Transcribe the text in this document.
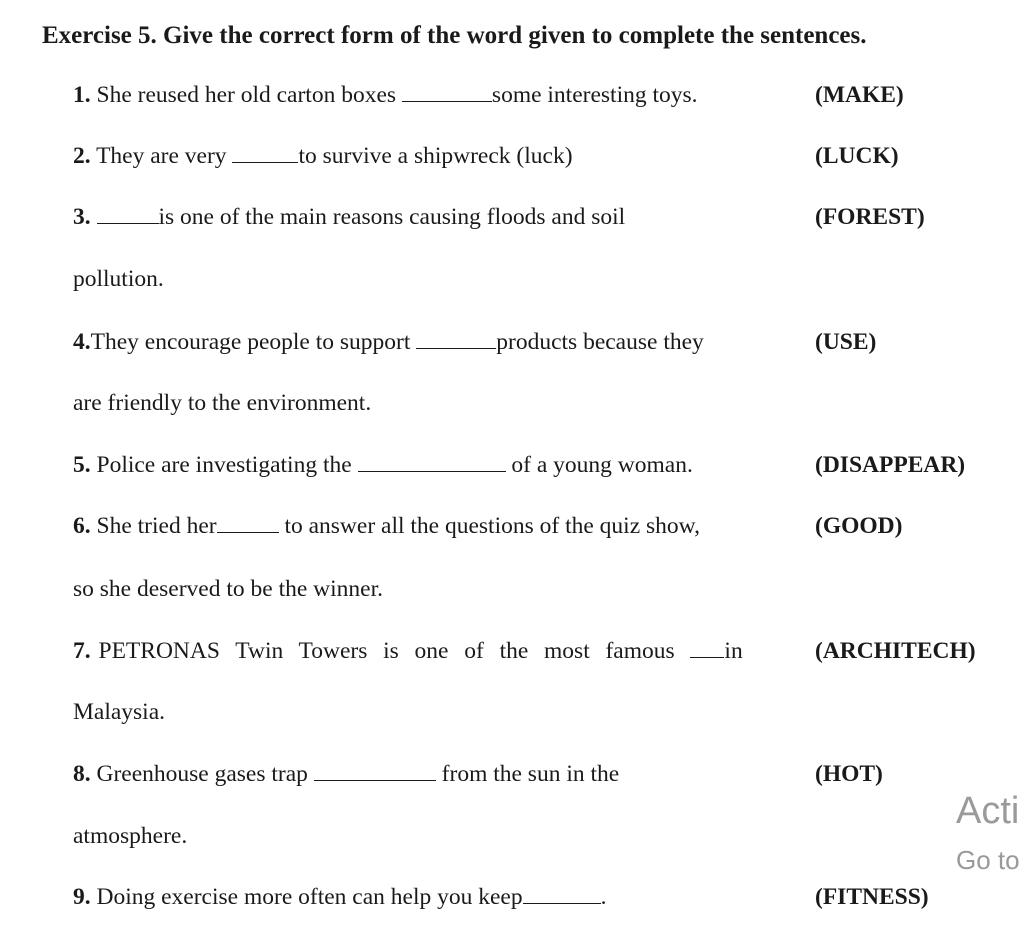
Exercise 5. Give the correct form of the word given to complete the sentences.
1. She reused her old carton boxes	some interesting toys.	(MAKE)
2. They are very	to survive a shipwreck (luck)	(LUCK)
3.	is one of the main reasons causing floods and soil	(FOREST)
pollution.
4.They encourage people to support	products because they	(USE)
are friendly to the environment.
5. Police are investigating the	of a young woman.	(DISAPPEAR)
6. She tried her	to answer all the questions of the quiz show,	(GOOD)
so she deserved to be the winner.
7. PETRONAS  Twin  Towers  is  one  of  the  most  famous  in	(ARCHITECH)
Malaysia.
8. Greenhouse gases trap	from the sun in the	(HOT)
atmosphere.
9. Doing exercise more often can help you keep	.	(FITNESS)
Acti
Go to
